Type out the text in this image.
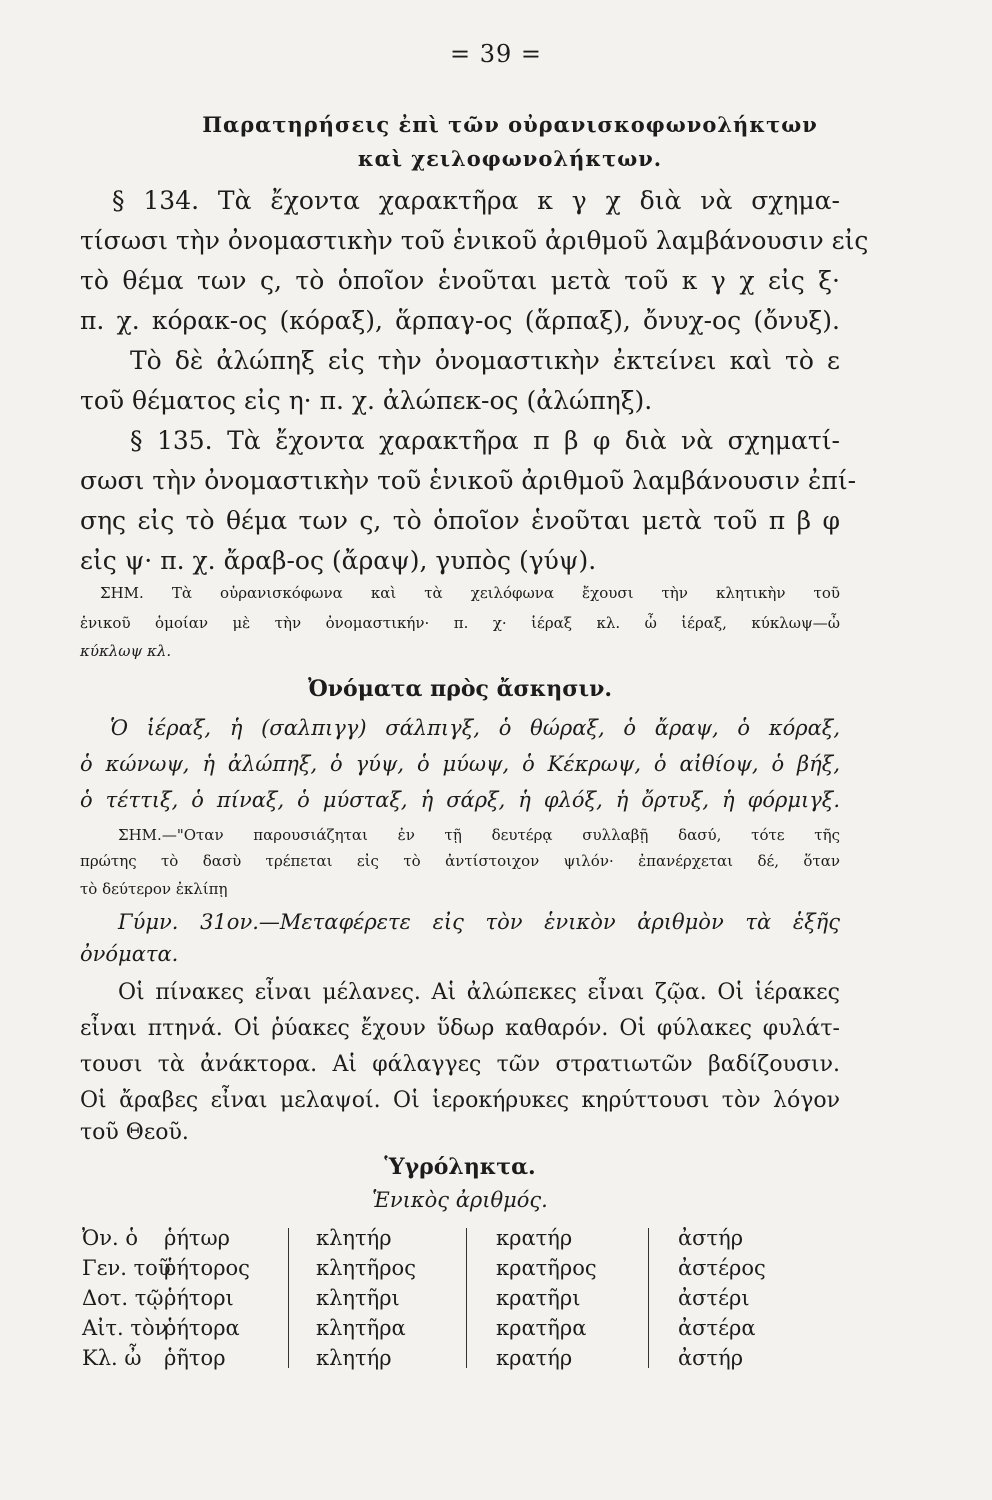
= 39 =
Παρατηρήσεις ἐπὶ τῶν οὐρανισκοφωνολήκτων
καὶ χειλοφωνολήκτων.
§ 134. Τὰ ἔχοντα χαρακτῆρα κ γ χ διὰ νὰ σχημα-
τίσωσι τὴν ὀνομαστικὴν τοῦ ἑνικοῦ ἀριθμοῦ λαμβάνουσιν εἰς
τὸ θέμα των ς, τὸ ὁποῖον ἑνοῦται μετὰ τοῦ κ γ χ εἰς ξ·
π. χ. κόρακ-ος (κόραξ), ἅρπαγ-ος (ἅρπαξ), ὄνυχ-ος (ὄνυξ).
Τὸ δὲ ἀλώπηξ εἰς τὴν ὀνομαστικὴν ἐκτείνει καὶ τὸ ε
τοῦ θέματος εἰς η· π. χ. ἀλώπεκ-ος (ἀλώπηξ).
§ 135. Τὰ ἔχοντα χαρακτῆρα π β φ διὰ νὰ σχηματί-
σωσι τὴν ὀνομαστικὴν τοῦ ἑνικοῦ ἀριθμοῦ λαμβάνουσιν ἐπί-
σης εἰς τὸ θέμα των ς, τὸ ὁποῖον ἑνοῦται μετὰ τοῦ π β φ
εἰς ψ· π. χ. ἄραβ-ος (ἄραψ), γυπὸς (γύψ).
ΣΗΜ. Τὰ οὐρανισκόφωνα καὶ τὰ χειλόφωνα ἔχουσι τὴν κλητικὴν τοῦ
ἑνικοῦ ὁμοίαν μὲ τὴν ὀνομαστικήν· π. χ· ἱέραξ κλ. ὦ ἱέραξ, κύκλωψ—ὦ
κύκλωψ κλ.
Ὀνόματα πρὸς ἄσκησιν.
Ὁ ἱέραξ, ἡ (σαλπιγγ) σάλπιγξ, ὁ θώραξ, ὁ ἄραψ, ὁ κόραξ,
ὁ κώνωψ, ἡ ἀλώπηξ, ὁ γύψ, ὁ μύωψ, ὁ Κέκρωψ, ὁ αἰθίοψ, ὁ βήξ,
ὁ τέττιξ, ὁ πίναξ, ὁ μύσταξ, ἡ σάρξ, ἡ φλόξ, ἡ ὄρτυξ, ἡ φόρμιγξ.
ΣΗΜ.—"Οταν παρουσιάζηται ἐν τῇ δευτέρᾳ συλλαβῇ δασύ, τότε τῆς
πρώτης τὸ δασὺ τρέπεται εἰς τὸ ἀντίστοιχον ψιλόν· ἐπανέρχεται δέ, ὅταν
τὸ δεύτερον ἐκλίπῃ
Γύμν. 31ον.—Μεταφέρετε εἰς τὸν ἑνικὸν ἀριθμὸν τὰ ἑξῆς
ὀνόματα.
Οἱ πίνακες εἶναι μέλανες. Αἱ ἀλώπεκες εἶναι ζῷα. Οἱ ἱέρακες
εἶναι πτηνά. Οἱ ῥύακες ἔχουν ὕδωρ καθαρόν. Οἱ φύλακες φυλάτ-
τουσι τὰ ἀνάκτορα. Αἱ φάλαγγες τῶν στρατιωτῶν βαδίζουσιν.
Οἱ ἄραβες εἶναι μελαψοί. Οἱ ἱεροκήρυκες κηρύττουσι τὸν λόγον
τοῦ Θεοῦ.
Ὑγρόληκτα.
Ἑνικὸς ἀριθμός.
Ὀν. ὁ
Γεν. τοῦ
Δοτ. τῷ
Αἰτ. τὸν
Κλ. ὦ
ῥήτωρ
ῥήτορος
ῥήτορι
ῥήτορα
ῥῆτορ
κλητήρ
κλητῆρος
κλητῆρι
κλητῆρα
κλητήρ
κρατήρ
κρατῆρος
κρατῆρι
κρατῆρα
κρατήρ
ἀστήρ
ἀστέρος
ἀστέρι
ἀστέρα
ἀστήρ
